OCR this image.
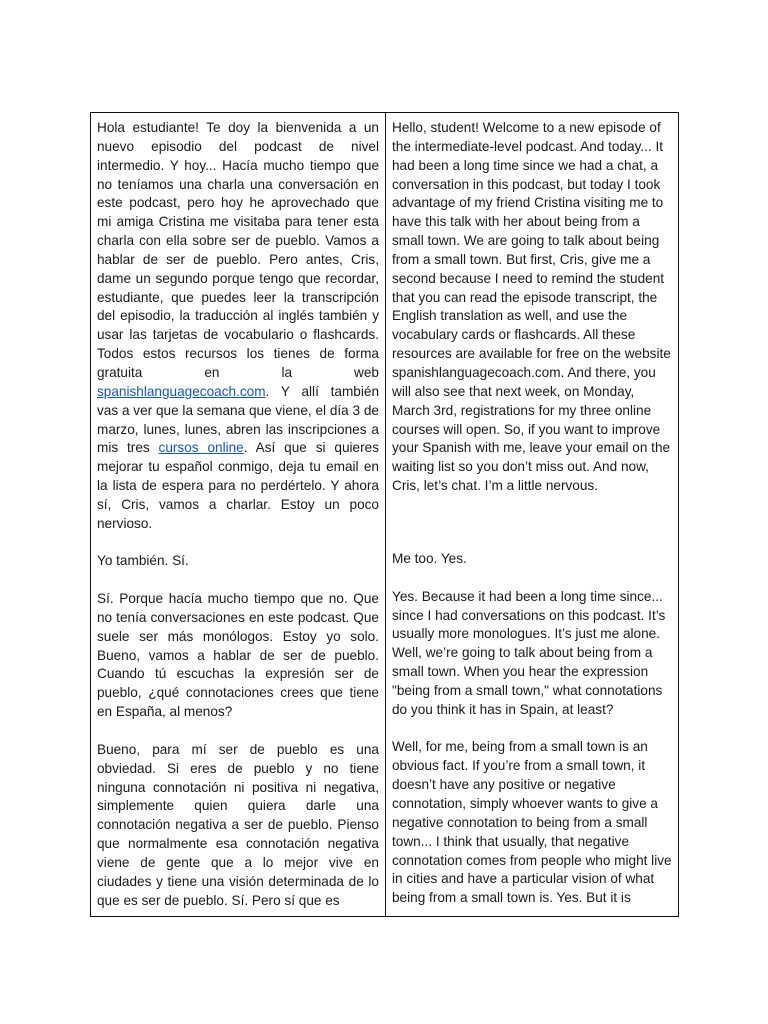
Hola estudiante! Te doy la bienvenida a un nuevo episodio del podcast de nivel intermedio. Y hoy... Hacía mucho tiempo que no teníamos una charla una conversación en este podcast, pero hoy he aprovechado que mi amiga Cristina me visitaba para tener esta charla con ella sobre ser de pueblo. Vamos a hablar de ser de pueblo. Pero antes, Cris, dame un segundo porque tengo que recordar, estudiante, que puedes leer la transcripción del episodio, la traducción al inglés también y usar las tarjetas de vocabulario o flashcards. Todos estos recursos los tienes de forma gratuita en la web spanishlanguagecoach.com. Y allí también vas a ver que la semana que viene, el día 3 de marzo, lunes, lunes, abren las inscripciones a mis tres cursos online. Así que si quieres mejorar tu español conmigo, deja tu email en la lista de espera para no perdértelo. Y ahora sí, Cris, vamos a charlar. Estoy un poco nervioso.

Yo también. Sí.

Sí. Porque hacía mucho tiempo que no. Que no tenía conversaciones en este podcast. Que suele ser más monólogos. Estoy yo solo. Bueno, vamos a hablar de ser de pueblo. Cuando tú escuchas la expresión ser de pueblo, ¿qué connotaciones crees que tiene en España, al menos?

Bueno, para mí ser de pueblo es una obviedad. Si eres de pueblo y no tiene ninguna connotación ni positiva ni negativa, simplemente quien quiera darle una connotación negativa a ser de pueblo. Pienso que normalmente esa connotación negativa viene de gente que a lo mejor vive en ciudades y tiene una visión determinada de lo que es ser de pueblo. Sí. Pero sí que es

Hello, student! Welcome to a new episode of the intermediate-level podcast. And today... It had been a long time since we had a chat, a conversation in this podcast, but today I took advantage of my friend Cristina visiting me to have this talk with her about being from a small town. We are going to talk about being from a small town. But first, Cris, give me a second because I need to remind the student that you can read the episode transcript, the English translation as well, and use the vocabulary cards or flashcards. All these resources are available for free on the website spanishlanguagecoach.com. And there, you will also see that next week, on Monday, March 3rd, registrations for my three online courses will open. So, if you want to improve your Spanish with me, leave your email on the waiting list so you don’t miss out. And now, Cris, let’s chat. I’m a little nervous.

Me too. Yes.

Yes. Because it had been a long time since... since I had conversations on this podcast. It’s usually more monologues. It’s just me alone. Well, we’re going to talk about being from a small town. When you hear the expression "being from a small town," what connotations do you think it has in Spain, at least?

Well, for me, being from a small town is an obvious fact. If you’re from a small town, it doesn’t have any positive or negative connotation, simply whoever wants to give a negative connotation to being from a small town... I think that usually, that negative connotation comes from people who might live in cities and have a particular vision of what being from a small town is. Yes. But it is
